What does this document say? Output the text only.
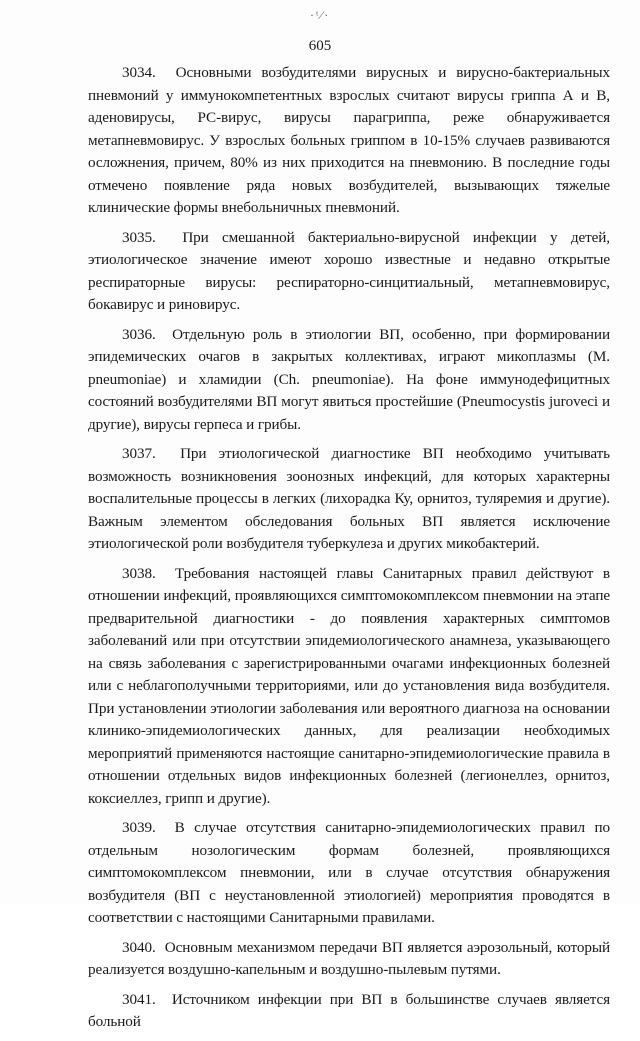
·ᵗ⁄·
605

3034. Основными возбудителями вирусных и вирусно-бактериальных пневмоний у иммунокомпетентных взрослых считают вирусы гриппа А и В, аденовирусы, РС-вирус, вирусы парагриппа, реже обнаруживается метапневмовирус. У взрослых больных гриппом в 10-15% случаев развиваются осложнения, причем, 80% из них приходится на пневмонию. В последние годы отмечено появление ряда новых возбудителей, вызывающих тяжелые клинические формы внебольничных пневмоний.

3035. При смешанной бактериально-вирусной инфекции у детей, этиологическое значение имеют хорошо известные и недавно открытые респираторные вирусы: респираторно-синцитиальный, метапневмовирус, бокавирус и риновирус.

3036. Отдельную роль в этиологии ВП, особенно, при формировании эпидемических очагов в закрытых коллективах, играют микоплазмы (M. pneumoniae) и хламидии (Ch. pneumoniae). На фоне иммунодефицитных состояний возбудителями ВП могут явиться простейшие (Pneumocystis jurovecі и другие), вирусы герпеса и грибы.

3037. При этиологической диагностике ВП необходимо учитывать возможность возникновения зоонозных инфекций, для которых характерны воспалительные процессы в легких (лихорадка Ку, орнитоз, туляремия и другие). Важным элементом обследования больных ВП является исключение этиологической роли возбудителя туберкулеза и других микобактерий.

3038. Требования настоящей главы Санитарных правил действуют в отношении инфекций, проявляющихся симптомокомплексом пневмонии на этапе предварительной диагностики - до появления характерных симптомов заболеваний или при отсутствии эпидемиологического анамнеза, указывающего на связь заболевания с зарегистрированными очагами инфекционных болезней или с неблагополучными территориями, или до установления вида возбудителя. При установлении этиологии заболевания или вероятного диагноза на основании клинико-эпидемиологических данных, для реализации необходимых мероприятий применяются настоящие санитарно-эпидемиологические правила в отношении отдельных видов инфекционных болезней (легионеллез, орнитоз, коксиеллез, грипп и другие).

3039. В случае отсутствия санитарно-эпидемиологических правил по отдельным нозологическим формам болезней, проявляющихся симптомокомплексом пневмонии, или в случае отсутствия обнаружения возбудителя (ВП с неустановленной этиологией) мероприятия проводятся в соответствии с настоящими Санитарными правилами.

3040. Основным механизмом передачи ВП является аэрозольный, который реализуется воздушно-капельным и воздушно-пылевым путями.

3041. Источником инфекции при ВП в большинстве случаев является больной
